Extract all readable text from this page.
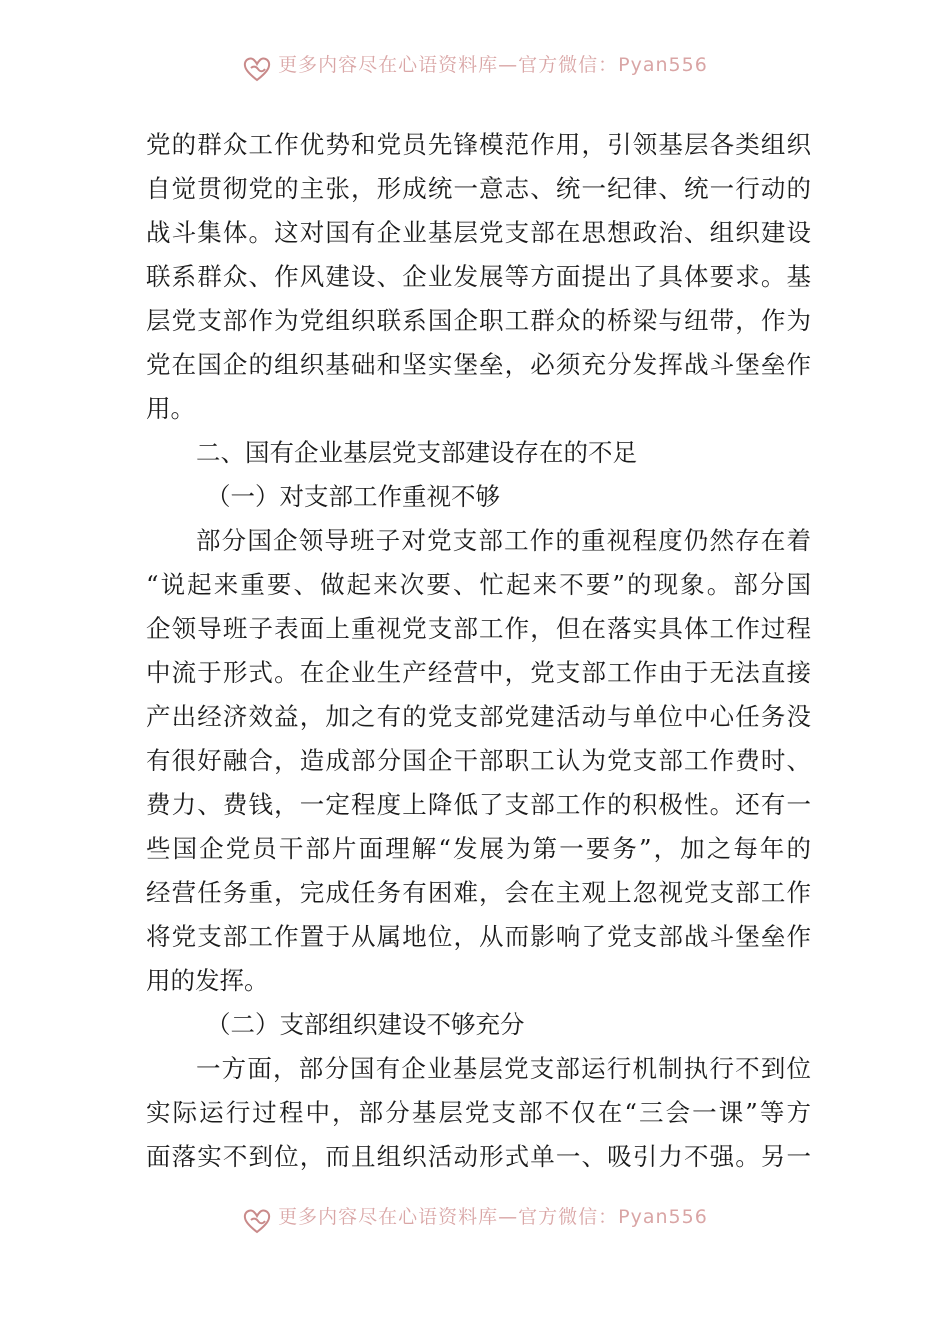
更多内容尽在心语资料库—官方微信：Pyan556
党的群众工作优势和党员先锋模范作用，引领基层各类组织
自觉贯彻党的主张，形成统一意志、统一纪律、统一行动的
战斗集体。这对国有企业基层党支部在思想政治、组织建设
联系群众、作风建设、企业发展等方面提出了具体要求。基
层党支部作为党组织联系国企职工群众的桥梁与纽带，作为
党在国企的组织基础和坚实堡垒，必须充分发挥战斗堡垒作
用。
二、国有企业基层党支部建设存在的不足
（一）对支部工作重视不够
部分国企领导班子对党支部工作的重视程度仍然存在着
“说起来重要、做起来次要、忙起来不要”的现象。部分国
企领导班子表面上重视党支部工作，但在落实具体工作过程
中流于形式。在企业生产经营中，党支部工作由于无法直接
产出经济效益，加之有的党支部党建活动与单位中心任务没
有很好融合，造成部分国企干部职工认为党支部工作费时、
费力、费钱，一定程度上降低了支部工作的积极性。还有一
些国企党员干部片面理解“发展为第一要务”，加之每年的
经营任务重，完成任务有困难，会在主观上忽视党支部工作
将党支部工作置于从属地位，从而影响了党支部战斗堡垒作
用的发挥。
（二）支部组织建设不够充分
一方面，部分国有企业基层党支部运行机制执行不到位
实际运行过程中，部分基层党支部不仅在“三会一课”等方
面落实不到位，而且组织活动形式单一、吸引力不强。另一
更多内容尽在心语资料库—官方微信：Pyan556
